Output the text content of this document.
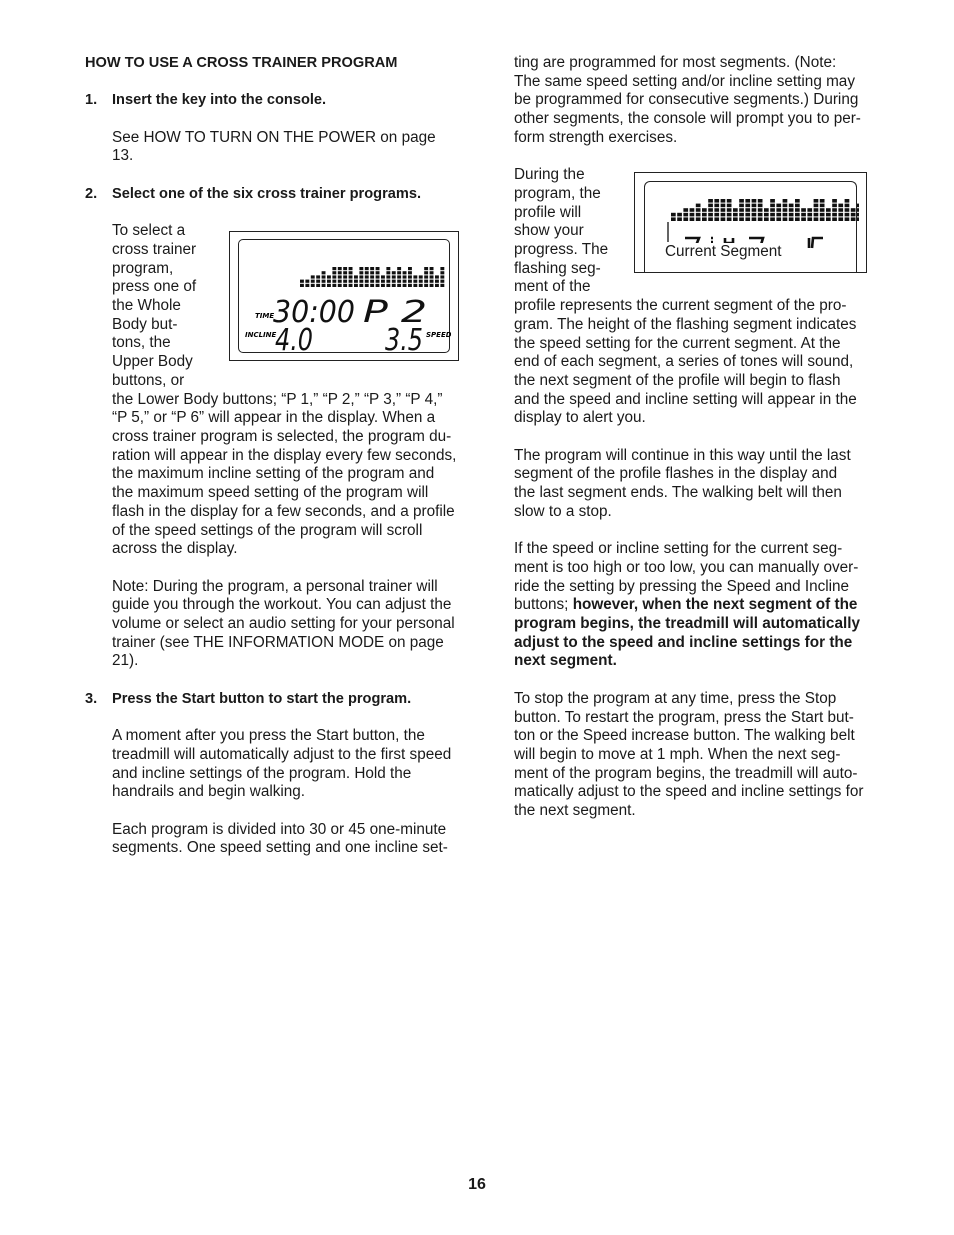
HOW TO USE A CROSS TRAINER PROGRAM

1.	Insert the key into the console.

See HOW TO TURN ON THE POWER on page

13.

2.	Select one of the six cross trainer programs.

To select a

cross trainer

program,

press one of

the Whole

Body but-

tons, the

Upper Body

buttons, or

the Lower Body buttons; “P 1,” “P 2,” “P 3,” “P 4,”

“P 5,” or “P 6” will appear in the display. When a

cross trainer program is selected, the program du-

ration will appear in the display every few seconds,

the maximum incline setting of the program and

the maximum speed setting of the program will

flash in the display for a few seconds, and a profile

of the speed settings of the program will scroll

across the display.

Note: During the program, a personal trainer will

guide you through the workout. You can adjust the

volume or select an audio setting for your personal

trainer (see THE INFORMATION MODE on page

21).

3.	Press the Start button to start the program.

A moment after you press the Start button, the

treadmill will automatically adjust to the first speed

and incline settings of the program. Hold the

handrails and begin walking.

Each program is divided into 30 or 45 one-minute

segments. One speed setting and one incline set-

TIME
30:00 P 2
INCLINE
4.0 3.5 SPEED

ting are programmed for most segments. (Note:

The same speed setting and/or incline setting may

be programmed for consecutive segments.) During

other segments, the console will prompt you to per-

form strength exercises.

During the

program, the

profile will

show your

progress. The

flashing seg-

ment of the

profile represents the current segment of the pro-

gram. The height of the flashing segment indicates

the speed setting for the current segment. At the

end of each segment, a series of tones will sound,

the next segment of the profile will begin to flash

and the speed and incline setting will appear in the

display to alert you.

The program will continue in this way until the last

segment of the profile flashes in the display and

the last segment ends. The walking belt will then

slow to a stop.

If the speed or incline setting for the current seg-

ment is too high or too low, you can manually over-

ride the setting by pressing the Speed and Incline

buttons; however, when the next segment of the

program begins, the treadmill will automatically

adjust to the speed and incline settings for the

next segment.

To stop the program at any time, press the Stop

button. To restart the program, press the Start but-

ton or the Speed increase button. The walking belt

will begin to move at 1 mph. When the next seg-

ment of the program begins, the treadmill will auto-

matically adjust to the speed and incline settings for

the next segment.

Current Segment
16
